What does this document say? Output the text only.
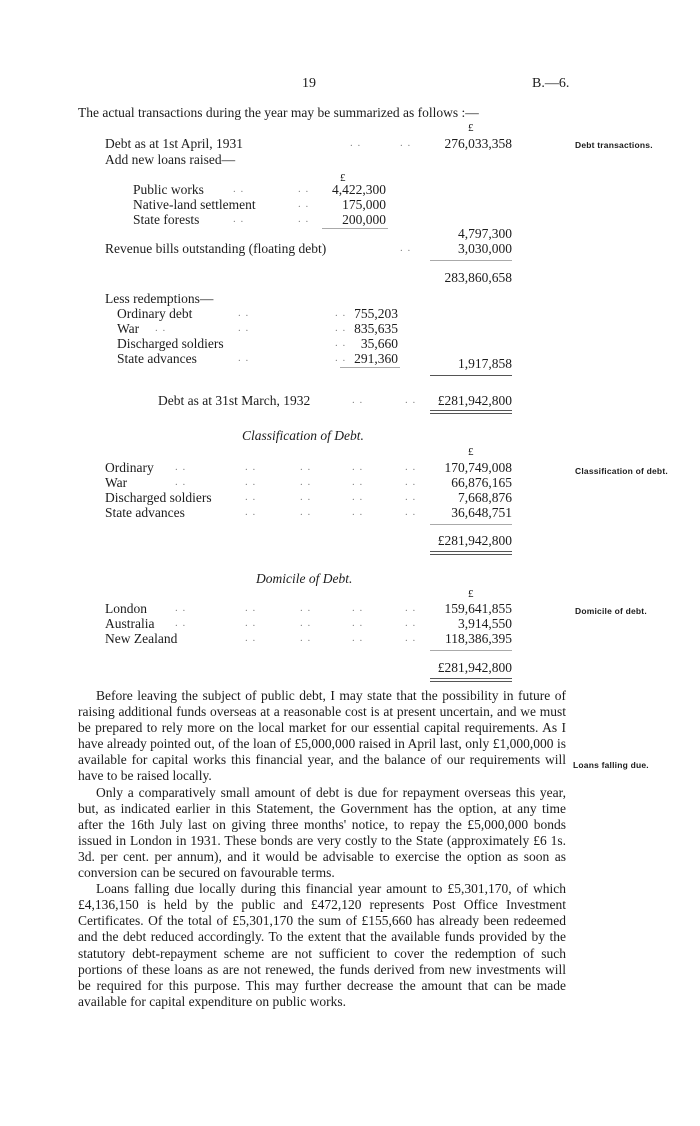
19	B.—6.
The actual transactions during the year may be summarized as follows :—
£
Debt as at 1st April, 1931	. .	. .	276,033,358
Add new loans raised—
£
Public works	. .	. .	4,422,300
Native-land settlement	. .	175,000
State forests	. .	. .	200,000
4,797,300
Revenue bills outstanding (floating debt)	. .	3,030,000
283,860,658
Less redemptions—
Ordinary debt	. .	. . 755,203
War . .	. .	. . 835,635
Discharged soldiers	. .	35,660
State advances	. .	. . 291,360	1,917,858
Debt as at 31st March, 1932	. .	. .	£281,942,800
Classification of Debt.
£
Ordinary	170,749,008
War	66,876,165
Discharged soldiers	7,668,876
State advances	36,648,751
. .	. .	. .	. .	. .
. .	. .	. .	. .	. .
. .	. .	. .	. .
. .	. .	. .	. .
£281,942,800
Domicile of Debt.
£
London	159,641,855
Australia	3,914,550
New Zealand	118,386,395
. .	. .	. .	. .	. .
. .	. .	. .	. .	. .
. .	. .	. .	. .
£281,942,800
Debt transactions.
Classification of debt.
Domicile of debt.
Loans falling due.

Before leaving the subject of public debt, I may state that the possibility in future of raising additional funds overseas at a reasonable cost is at present uncertain, and we must be prepared to rely more on the local market for our essential capital requirements. As I have already pointed out, of the loan of £5,000,000 raised in April last, only £1,000,000 is available for capital works this financial year, and the balance of our requirements will have to be raised locally.

Only a comparatively small amount of debt is due for repayment overseas this year, but, as indicated earlier in this Statement, the Government has the option, at any time after the 16th July last on giving three months' notice, to repay the £5,000,000 bonds issued in London in 1931. These bonds are very costly to the State (approximately £6 1s. 3d. per cent. per annum), and it would be advisable to exercise the option as soon as conversion can be secured on favourable terms.

Loans falling due locally during this financial year amount to £5,301,170, of which £4,136,150 is held by the public and £472,120 represents Post Office Investment Certificates. Of the total of £5,301,170 the sum of £155,660 has already been redeemed and the debt reduced accordingly. To the extent that the available funds provided by the statutory debt-repayment scheme are not sufficient to cover the redemption of such portions of these loans as are not renewed, the funds derived from new investments will be required for this purpose. This may further decrease the amount that can be made available for capital expenditure on public works.
